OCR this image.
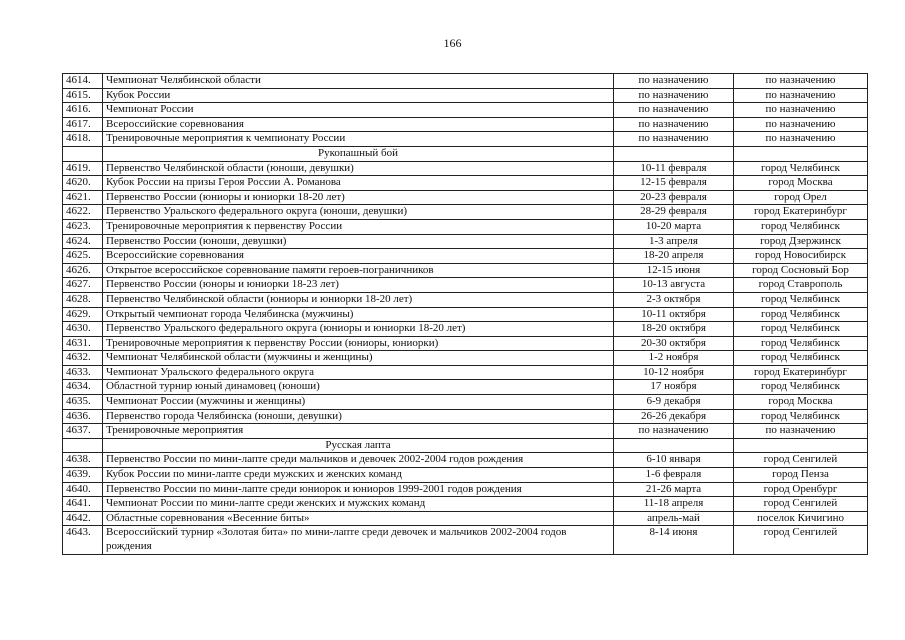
166
4614.	Чемпионат Челябинской области	по назначению	по назначению
4615.	Кубок России	по назначению	по назначению
4616.	Чемпионат России	по назначению	по назначению
4617.	Всероссийские соревнования	по назначению	по назначению
4618.	Тренировочные мероприятия к чемпионату России	по назначению	по назначению
	Рукопашный бой		
4619.	Первенство Челябинской области (юноши, девушки)	10-11 февраля	город Челябинск
4620.	Кубок России на призы Героя России А. Романова	12-15 февраля	город Москва
4621.	Первенство России (юниоры и юниорки 18-20 лет)	20-23 февраля	город Орел
4622.	Первенство Уральского федерального округа (юноши, девушки)	28-29 февраля	город Екатеринбург
4623.	Тренировочные мероприятия к первенству России	10-20 марта	город Челябинск
4624.	Первенство России (юноши, девушки)	1-3 апреля	город Дзержинск
4625.	Всероссийские соревнования	18-20 апреля	город Новосибирск
4626.	Открытое всероссийское соревнование памяти героев-пограничников	12-15 июня	город Сосновый Бор
4627.	Первенство России (юноры и юниорки 18-23 лет)	10-13 августа	город Ставрополь
4628.	Первенство Челябинской области (юниоры и юниорки 18-20 лет)	2-3 октября	город Челябинск
4629.	Открытый чемпионат города Челябинска (мужчины)	10-11 октября	город Челябинск
4630.	Первенство Уральского федерального округа (юниоры и юниорки 18-20 лет)	18-20 октября	город Челябинск
4631.	Тренировочные мероприятия к первенству России (юниоры, юниорки)	20-30 октября	город Челябинск
4632.	Чемпионат Челябинской области (мужчины и женщины)	1-2 ноября	город Челябинск
4633.	Чемпионат Уральского федерального округа	10-12 ноября	город Екатеринбург
4634.	Областной турнир юный динамовец (юноши)	17 ноября	город Челябинск
4635.	Чемпионат России (мужчины и женщины)	6-9 декабря	город Москва
4636.	Первенство города Челябинска (юноши, девушки)	26-26 декабря	город Челябинск
4637.	Тренировочные мероприятия	по назначению	по назначению
	Русская лапта		
4638.	Первенство России по мини-лапте среди мальчиков и девочек 2002-2004 годов рождения	6-10 января	город Сенгилей
4639.	Кубок России по мини-лапте среди мужских и женских команд	1-6 февраля	город Пенза
4640.	Первенство России по мини-лапте среди юниорок и юниоров 1999-2001 годов рождения	21-26 марта	город Оренбург
4641.	Чемпионат России по мини-лапте среди женских и мужских команд	11-18 апреля	город Сенгилей
4642.	Областные соревнования «Весенние биты»	апрель-май	поселок Кичигино
4643.	Всероссийский турнир «Золотая бита» по мини-лапте среди девочек и мальчиков 2002-2004 годов рождения	8-14 июня	город Сенгилей
